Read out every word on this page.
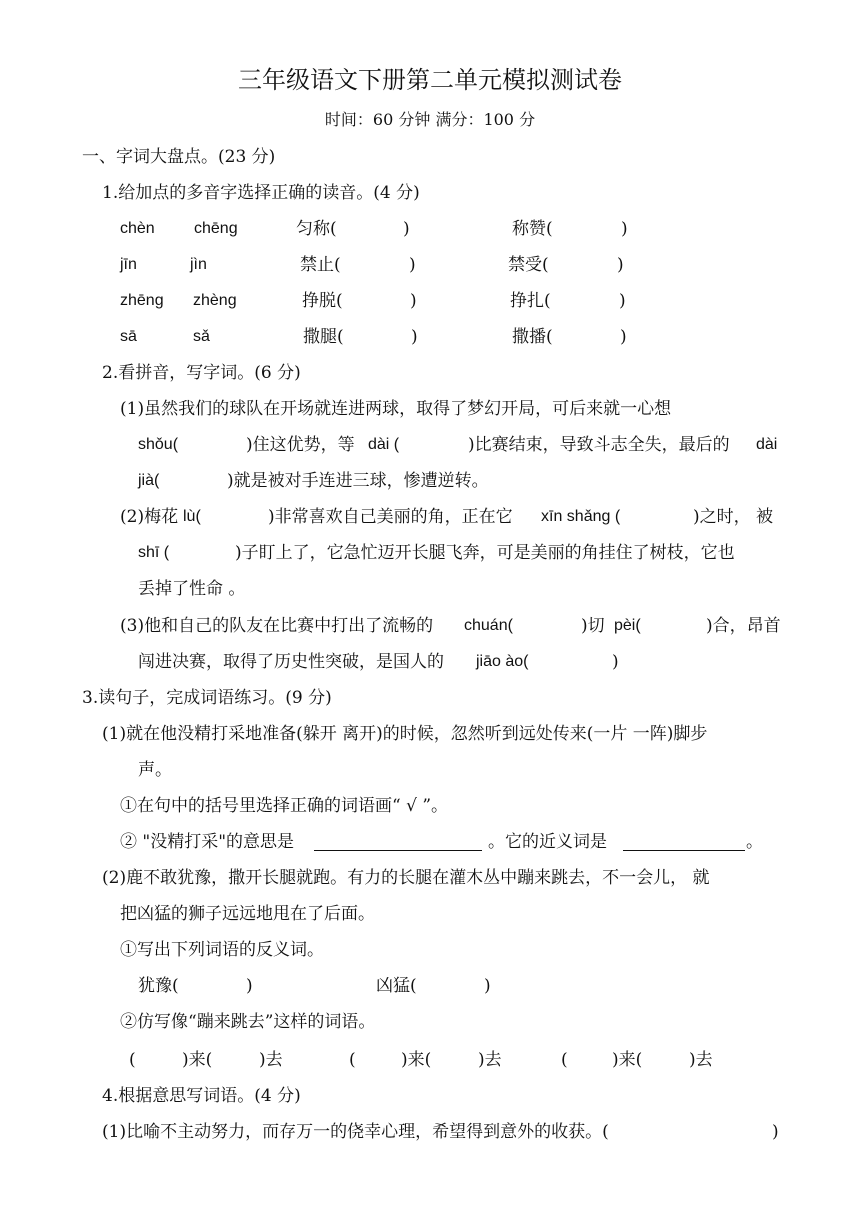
三年级语文下册第二单元模拟测试卷
时间：60 分钟 满分：100 分
一、字词大盘点。(23 分)
1.给加点的多音字选择正确的读音。(4 分)
chèn chēng	匀称(	)	称赞(	)
jīn	jìn	禁止(	)	禁受(	)
zhēng zhèng	挣脱(	)	挣扎(	)
sā	sǎ	撒腿(	)	撒播(	)
2.看拼音，写字词。(6 分)
(1)虽然我们的球队在开场就连进两球，取得了梦幻开局，可后来就一心想
shǒu(	)住这优势，等 dài (	)比赛结束，导致斗志全失，最后的 dài
jià(	)就是被对手连进三球，惨遭逆转。
(2)梅花 lù(	)非常喜欢自己美丽的角，正在它 xīn shǎng (	)之时， 被
shī (	)子盯上了，它急忙迈开长腿飞奔，可是美丽的角挂住了树枝，它也
丢掉了性命 。
(3)他和自己的队友在比赛中打出了流畅的 chuán(	)切 pèi(	)合，昂首
闯进决赛，取得了历史性突破，是国人的 jiāo ào(	)
3.读句子，完成词语练习。(9 分)
(1)就在他没精打采地准备(躲开 离开)的时候，忽然听到远处传来(一片 一阵)脚步
声。
①在句中的括号里选择正确的词语画“ √ ”。
② "没精打采"的意思是	。它的近义词是	。
(2)鹿不敢犹豫，撒开长腿就跑。有力的长腿在灌木丛中蹦来跳去，不一会儿， 就
把凶猛的狮子远远地甩在了后面。
①写出下列词语的反义词。
犹豫(	)	凶猛(	)
②仿写像“蹦来跳去”这样的词语。
(	)来(	)去	(	)来(	)去	(	)来(	)去
4.根据意思写词语。(4 分)
(1)比喻不主动努力，而存万一的侥幸心理，希望得到意外的收获。(	)
